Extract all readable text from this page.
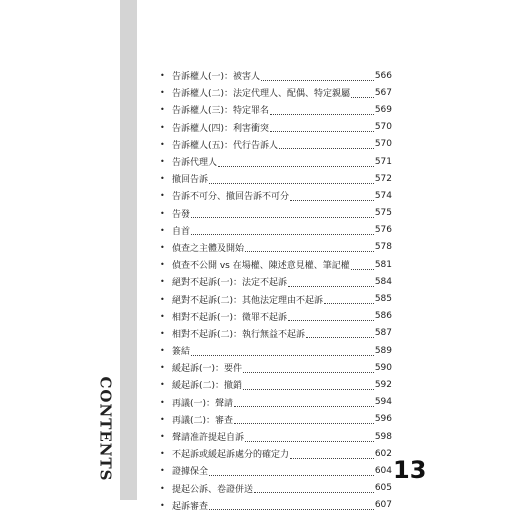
CONTENTS
• 告訴權人(一)：被害人	566
• 告訴權人(二)：法定代理人、配偶、特定親屬	567
• 告訴權人(三)：特定罪名	569
• 告訴權人(四)：利害衝突	570
• 告訴權人(五)：代行告訴人	570
• 告訴代理人	571
• 撤回告訴	572
• 告訴不可分、撤回告訴不可分	574
• 告發	575
• 自首	576
• 偵查之主體及開始	578
• 偵查不公開 vs 在場權、陳述意見權、筆記權	581
• 絕對不起訴(一)：法定不起訴	584
• 絕對不起訴(二)：其他法定理由不起訴	585
• 相對不起訴(一)：微罪不起訴	586
• 相對不起訴(二)：執行無益不起訴	587
• 簽結	589
• 緩起訴(一)：要件	590
• 緩起訴(二)：撤銷	592
• 再議(一)：聲請	594
• 再議(二)：審查	596
• 聲請准許提起自訴	598
• 不起訴或緩起訴處分的確定力	602
• 證據保全	604
• 提起公訴、卷證併送	605
• 起訴審查	607
13
